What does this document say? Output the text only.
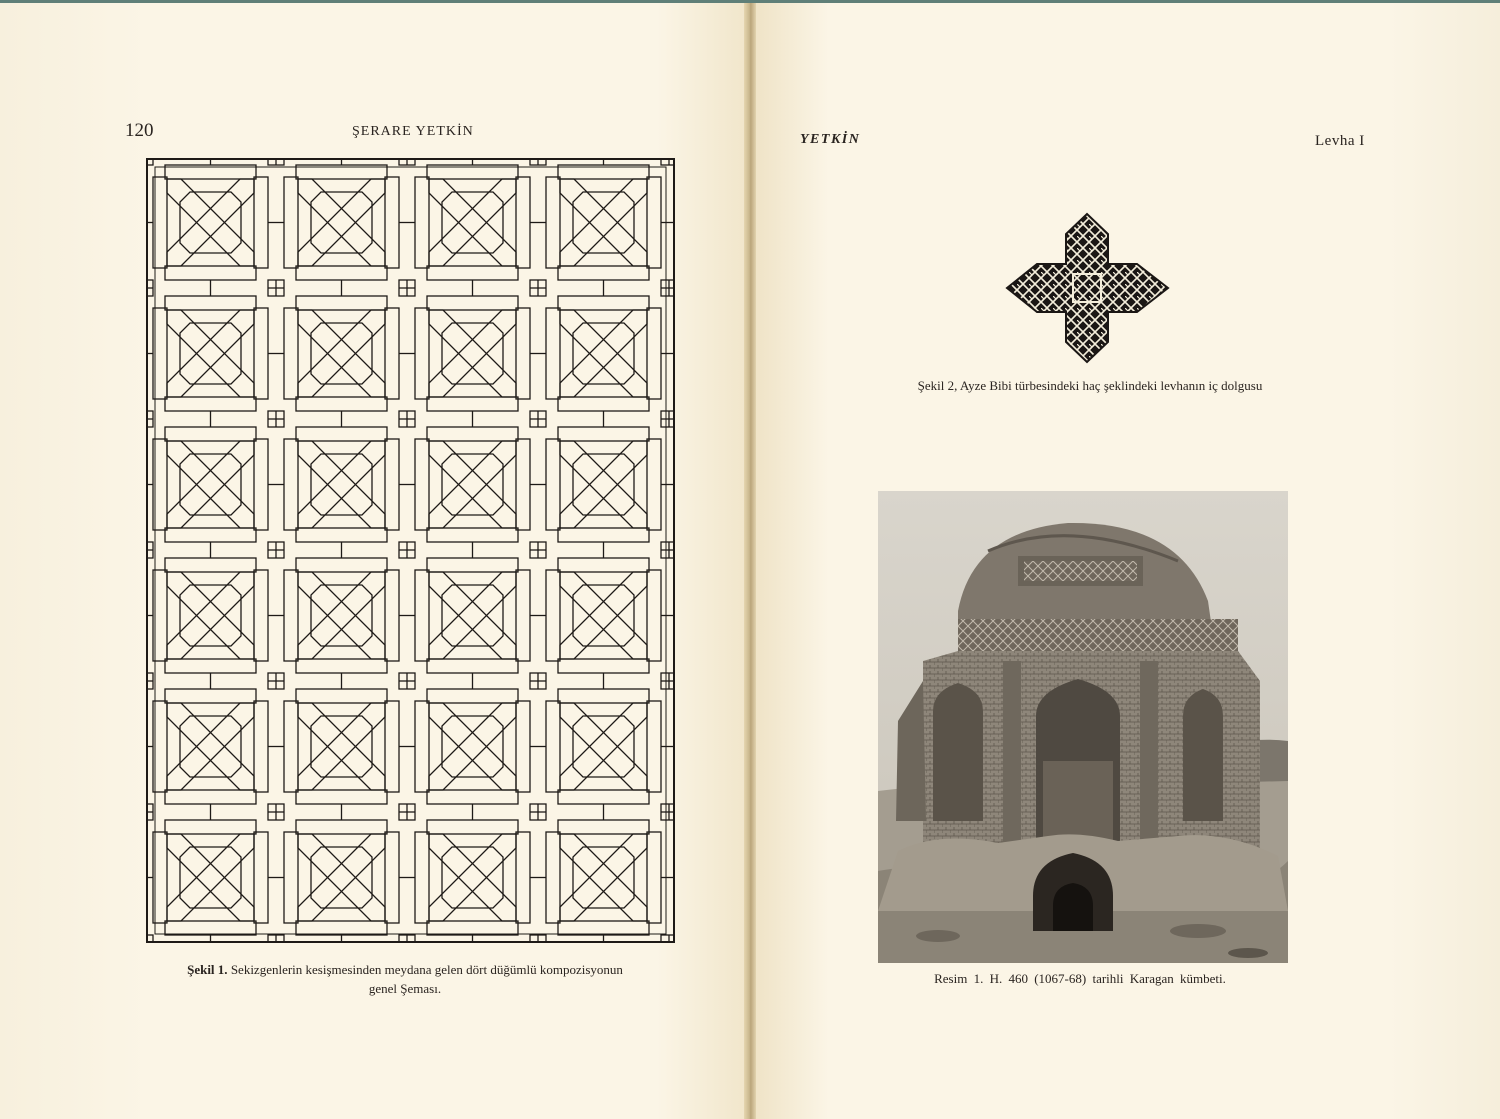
120	ŞERARE YETKİN
Şekil 1. Sekizgenlerin kesişmesinden meydana gelen dört düğümlü kompozisyonun
genel Şeması.
YETKİN	Levha I
Şekil 2, Ayze Bibi türbesindeki haç şeklindeki levhanın iç dolgusu
Resim 1. H. 460 (1067-68) tarihli Karagan kümbeti.
